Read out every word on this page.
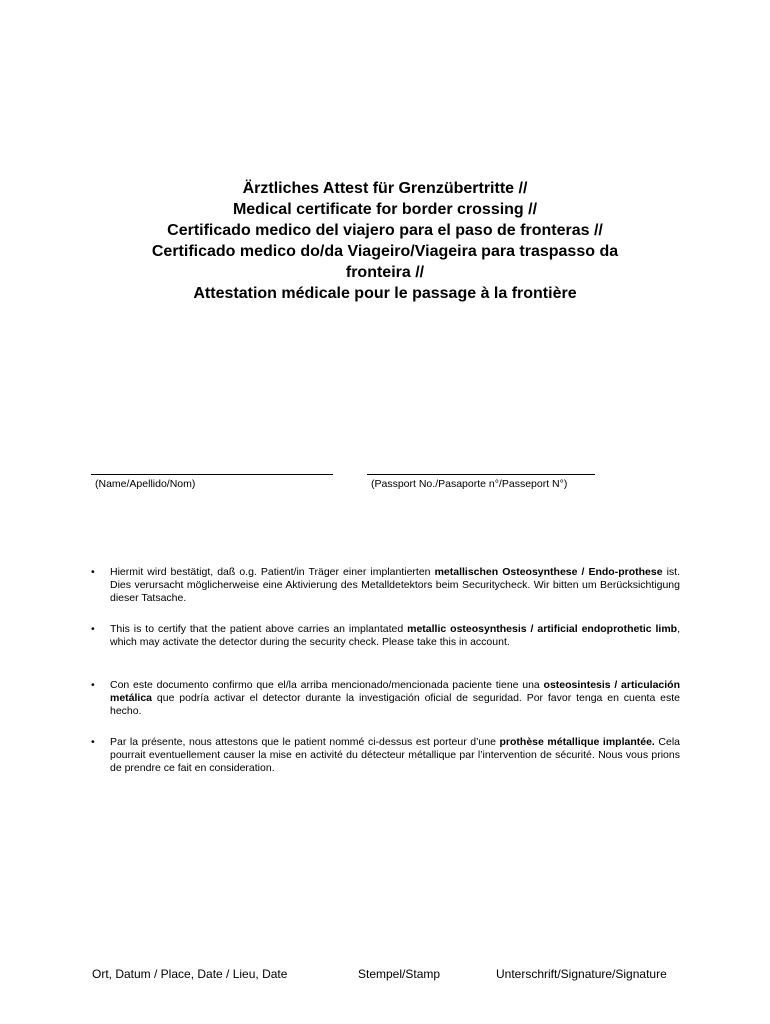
Ärztliches Attest für Grenzübertritte //
Medical certificate for border crossing //
Certificado medico del viajero para el paso de fronteras //
Certificado medico do/da Viageiro/Viageira para traspasso da
fronteira //
Attestation médicale pour le passage à la frontière
(Name/Apellido/Nom)	(Passport No./Pasaporte n°/Passeport N°)
• Hiermit wird bestätigt, daß o.g. Patient/in Träger einer implantierten metallischen Osteosynthese / Endo-prothese ist. Dies verursacht möglicherweise eine Aktivierung des Metalldetektors beim Securitycheck. Wir bitten um Berücksichtigung dieser Tatsache.
• This is to certify that the patient above carries an implantated metallic osteosynthesis / artificial endoprothetic limb, which may activate the detector during the security check. Please take this in account.
• Con este documento confirmo que el/la arriba mencionado/mencionada paciente tiene una osteosintesis / articulación metálica que podría activar el detector durante la investigación oficial de seguridad. Por favor tenga en cuenta este hecho.
• Par la présente, nous attestons que le patient nommé ci-dessus est porteur d’une prothèse métallique implantée. Cela pourrait eventuellement causer la mise en activité du détecteur métallique par l’intervention de sécurité. Nous vous prions de prendre ce fait en consideration.
Ort, Datum / Place, Date / Lieu, Date	Stempel/Stamp	Unterschrift/Signature/Signature
